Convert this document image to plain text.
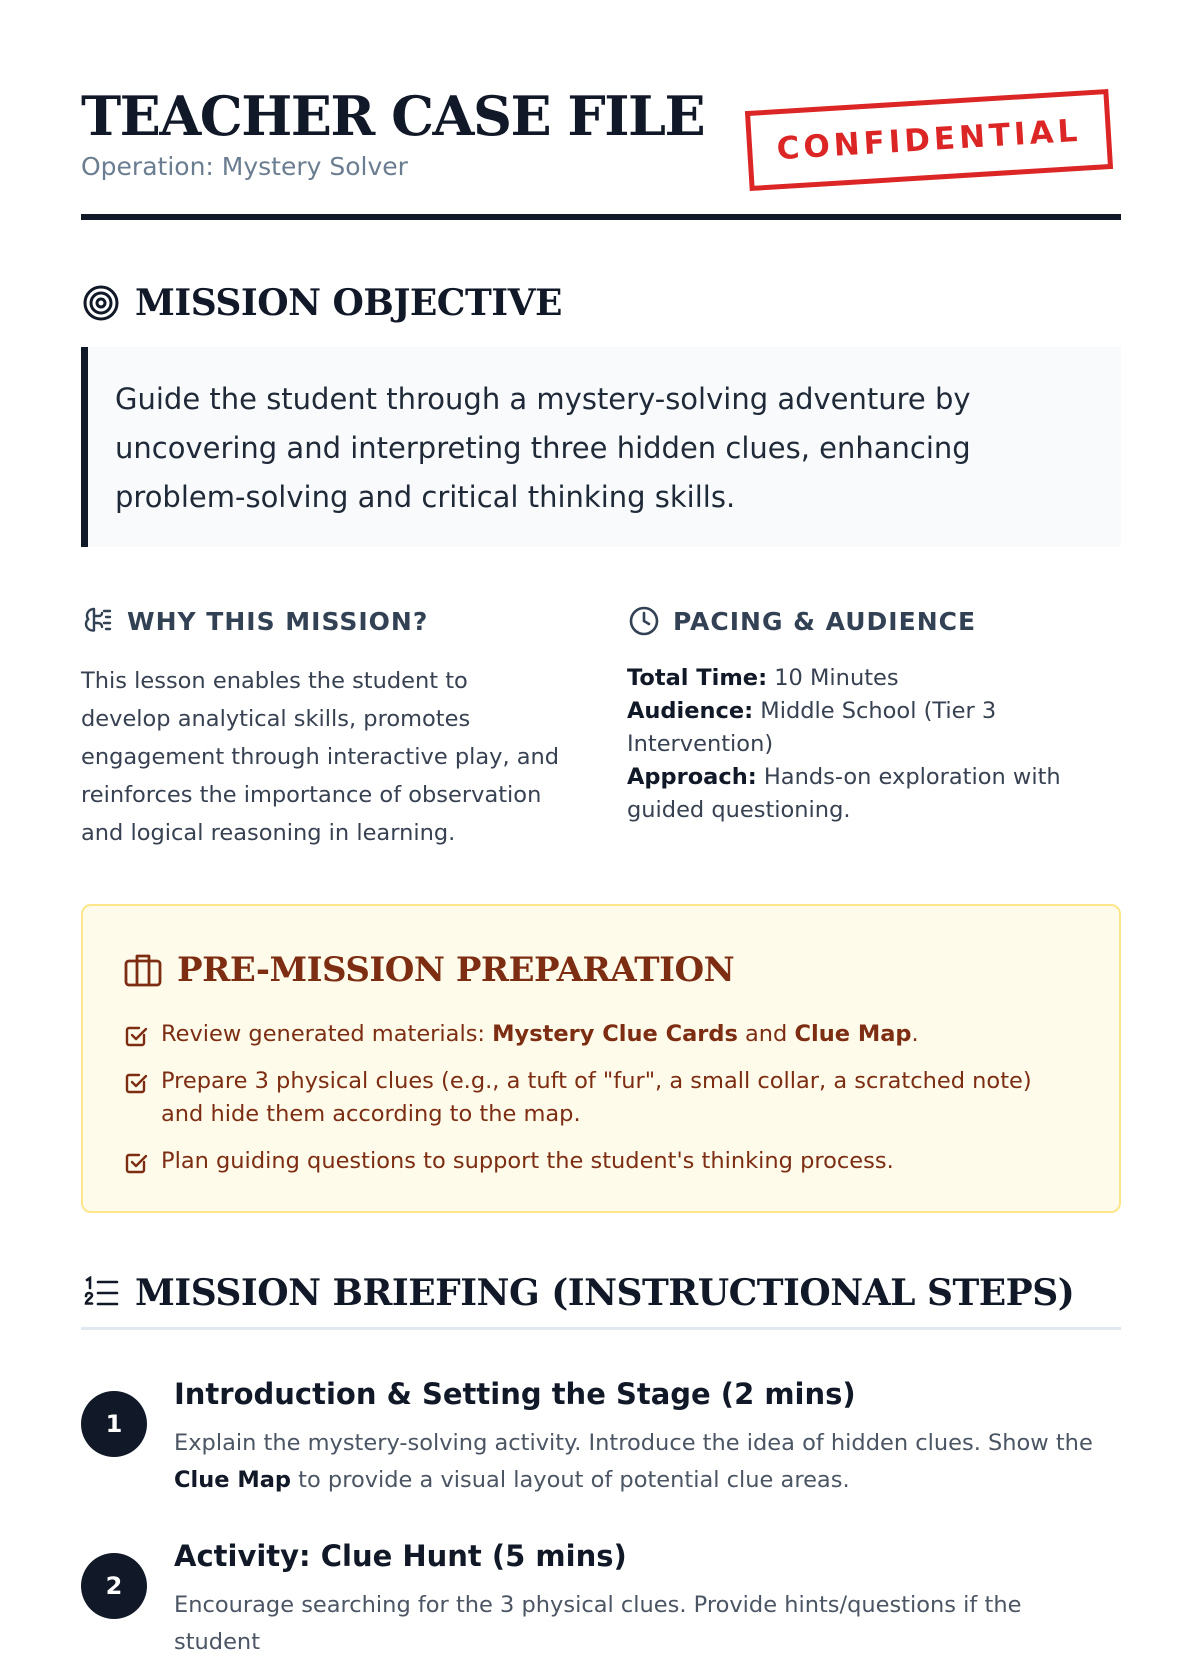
TEACHER CASE FILE
Operation: Mystery Solver	CONFIDENTIAL
MISSION OBJECTIVE

Guide the student through a mystery-solving adventure by uncovering and interpreting three hidden clues, enhancing problem-solving and critical thinking skills.

WHY THIS MISSION?

This lesson enables the student to develop analytical skills, promotes engagement through interactive play, and reinforces the importance of observation and logical reasoning in learning.

PACING & AUDIENCE
Total Time: 10 Minutes
Audience: Middle School (Tier 3 Intervention)
Approach: Hands-on exploration with guided questioning.
PRE-MISSION PREPARATION
Review generated materials: Mystery Clue Cards and Clue Map.
Prepare 3 physical clues (e.g., a tuft of "fur", a small collar, a scratched note) and hide them according to the map.
Plan guiding questions to support the student's thinking process.
MISSION BRIEFING (INSTRUCTIONAL STEPS)
1
Introduction & Setting the Stage (2 mins)

Explain the mystery-solving activity. Introduce the idea of hidden clues. Show the Clue Map to provide a visual layout of potential clue areas.

2
Activity: Clue Hunt (5 mins)

Encourage searching for the 3 physical clues. Provide hints/questions if the student
